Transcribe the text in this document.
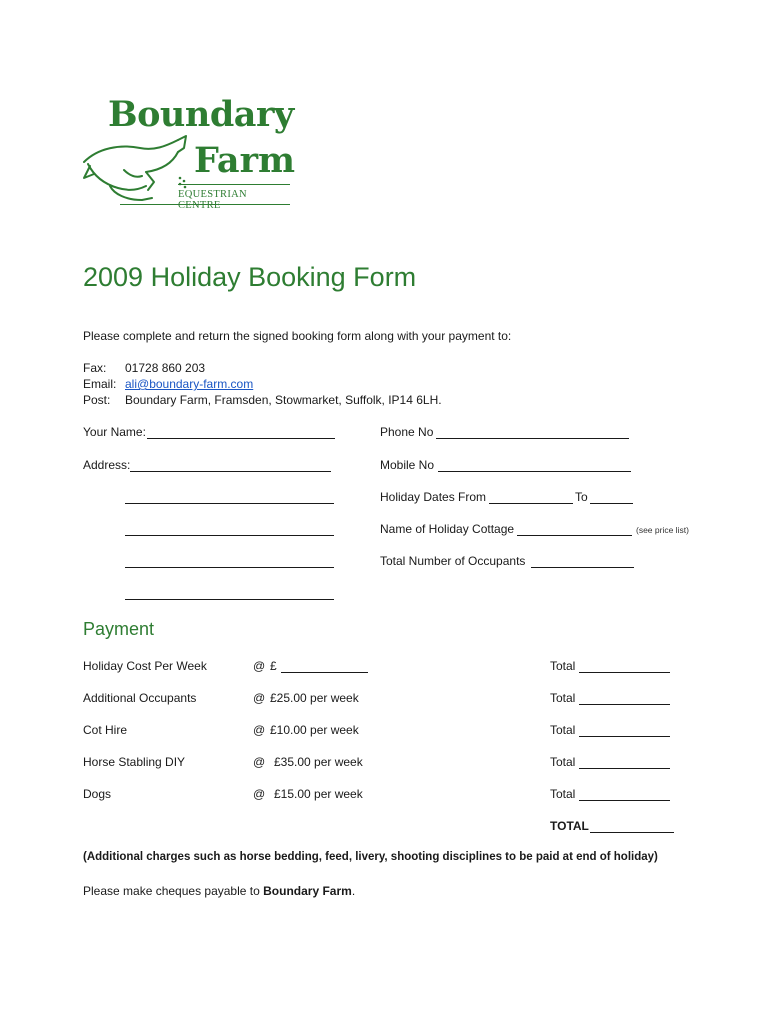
Boundary
Farm
EQUESTRIAN CENTRE
2009 Holiday Booking Form
Please complete and return the signed booking form along with your payment to:
Fax: 01728 860 203
Email: ali@boundary-farm.com
Post: Boundary Farm, Framsden, Stowmarket, Suffolk, IP14 6LH.
Your Name:
Address:
Phone No
Mobile No
Holiday Dates From	To
Name of Holiday Cottage	(see price list)
Total Number of Occupants
Payment
Holiday Cost Per Week	@ £	Total
Additional Occupants	@ £25.00 per week	Total
Cot Hire	@ £10.00 per week	Total
Horse Stabling DIY	@ £35.00 per week	Total
Dogs	@ £15.00 per week	Total
TOTAL
(Additional charges such as horse bedding, feed, livery, shooting disciplines to be paid at end of holiday)
Please make cheques payable to Boundary Farm.
